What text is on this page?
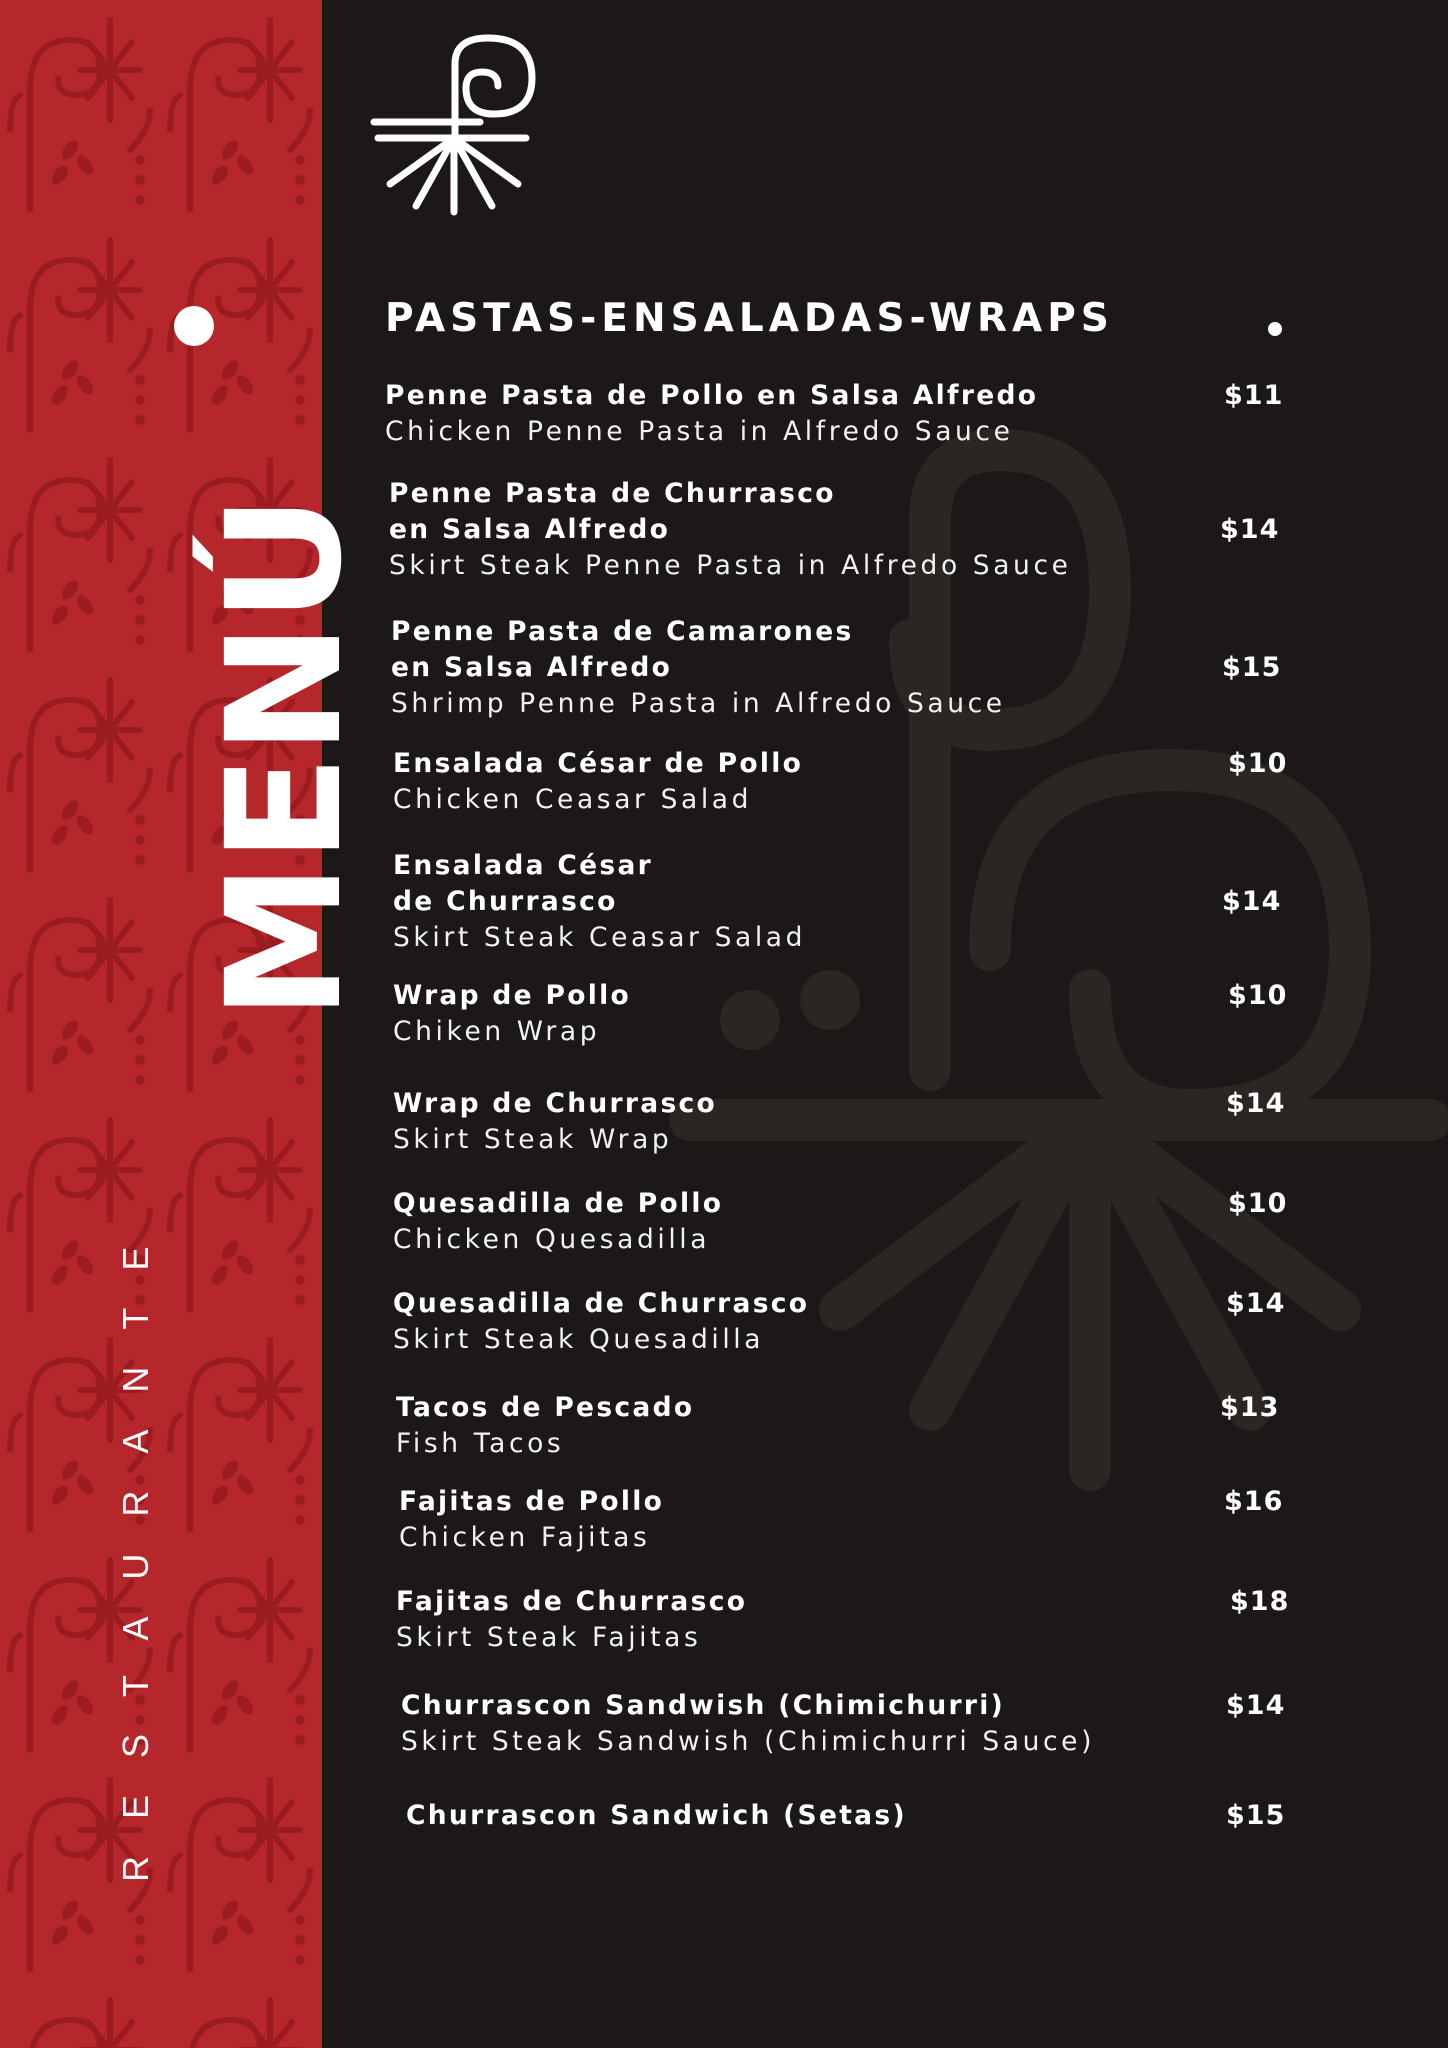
MENÚ
RESTAURANTE
PASTAS-ENSALADAS-WRAPS
Penne Pasta de Pollo en Salsa Alfredo
Chicken Penne Pasta in Alfredo Sauce
$11
Penne Pasta de Churrasco
en Salsa Alfredo
Skirt Steak Penne Pasta in Alfredo Sauce
$14
Penne Pasta de Camarones
en Salsa Alfredo
Shrimp Penne Pasta in Alfredo Sauce
$15
Ensalada César de Pollo
Chicken Ceasar Salad
$10
Ensalada César
de Churrasco
Skirt Steak Ceasar Salad
$14
Wrap de Pollo
Chiken Wrap
$10
Wrap de Churrasco
Skirt Steak Wrap
$14
Quesadilla de Pollo
Chicken Quesadilla
$10
Quesadilla de Churrasco
Skirt Steak Quesadilla
$14
Tacos de Pescado
Fish Tacos
$13
Fajitas de Pollo
Chicken Fajitas
$16
Fajitas de Churrasco
Skirt Steak Fajitas
$18
Churrascon Sandwish (Chimichurri)
Skirt Steak Sandwish (Chimichurri Sauce)
$14
Churrascon Sandwich (Setas)	$15
